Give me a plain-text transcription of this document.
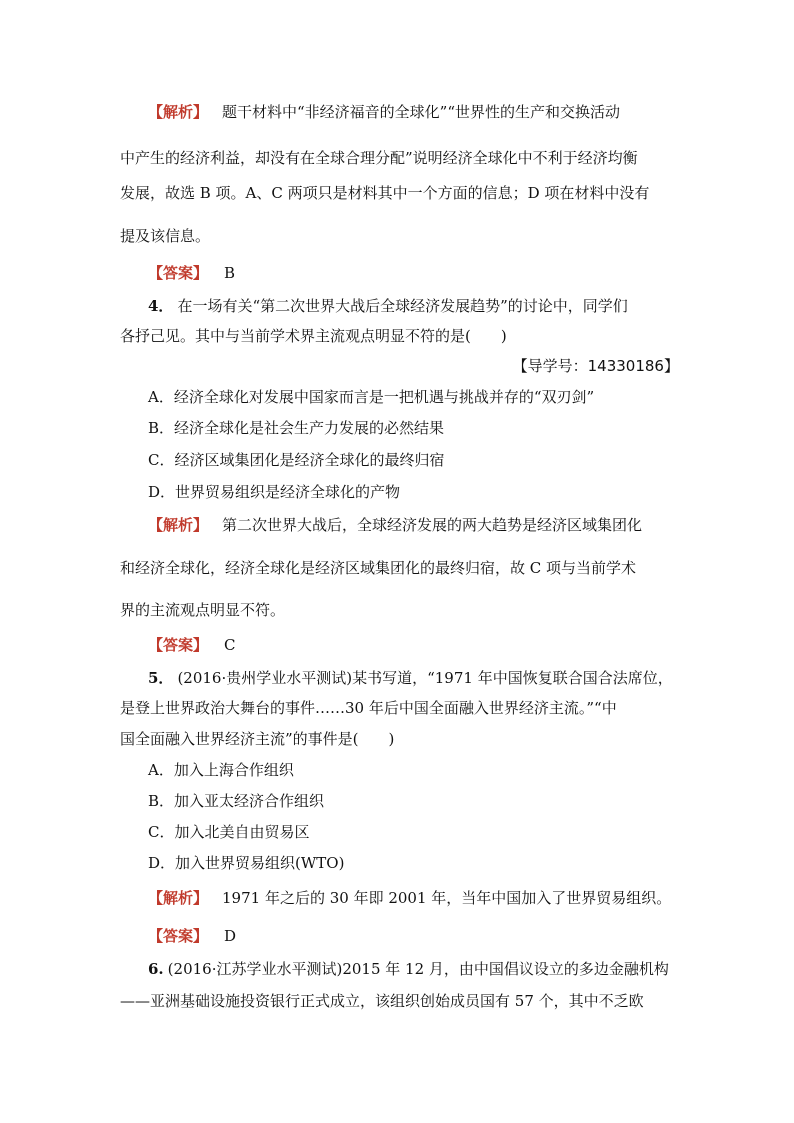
【解析】 题干材料中“非经济福音的全球化”“世界性的生产和交换活动
中产生的经济利益，却没有在全球合理分配”说明经济全球化中不利于经济均衡
发展，故选 B 项。A、C 两项只是材料其中一个方面的信息；D 项在材料中没有
提及该信息。
【答案】 B
4． 在一场有关“第二次世界大战后全球经济发展趋势”的讨论中，同学们
各抒己见。其中与当前学术界主流观点明显不符的是(　　)
【导学号：14330186】
A．经济全球化对发展中国家而言是一把机遇与挑战并存的“双刃剑”
B．经济全球化是社会生产力发展的必然结果
C．经济区域集团化是经济全球化的最终归宿
D．世界贸易组织是经济全球化的产物
【解析】 第二次世界大战后，全球经济发展的两大趋势是经济区域集团化
和经济全球化，经济全球化是经济区域集团化的最终归宿，故 C 项与当前学术
界的主流观点明显不符。
【答案】 C
5． (2016·贵州学业水平测试)某书写道，“1971 年中国恢复联合国合法席位，
是登上世界政治大舞台的事件……30 年后中国全面融入世界经济主流。”“中
国全面融入世界经济主流”的事件是(　　)
A．加入上海合作组织
B．加入亚太经济合作组织
C．加入北美自由贸易区
D．加入世界贸易组织(WTO)
【解析】 1971 年之后的 30 年即 2001 年，当年中国加入了世界贸易组织。
【答案】 D
6. (2016·江苏学业水平测试)2015 年 12 月，由中国倡议设立的多边金融机构
——亚洲基础设施投资银行正式成立，该组织创始成员国有 57 个，其中不乏欧
